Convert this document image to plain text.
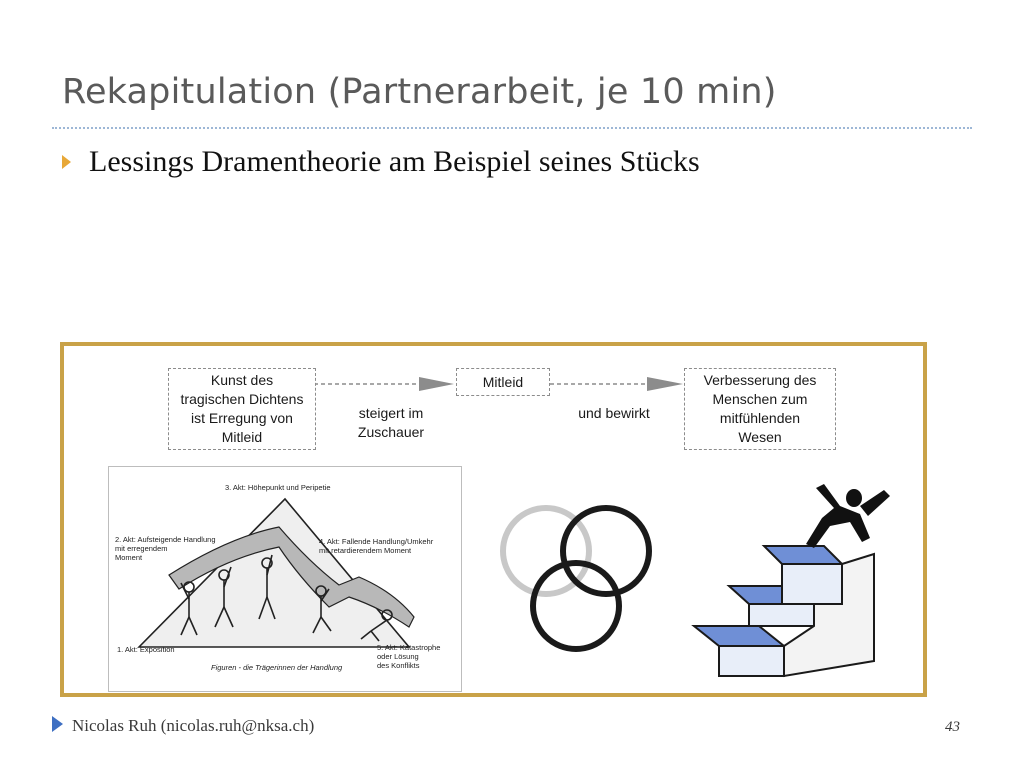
Rekapitulation (Partnerarbeit, je 10 min)
Lessings Dramentheorie am Beispiel seines Stücks
Kunst des
tragischen Dichtens
ist Erregung von
Mitleid
steigert im
Zuschauer
Mitleid
und bewirkt
Verbesserung des
Menschen zum
mitfühlenden
Wesen
3. Akt: Höhepunkt und Peripetie
2. Akt: Aufsteigende Handlung
mit erregendem
Moment
4. Akt: Fallende Handlung/Umkehr
mit retardierendem Moment
1. Akt: Exposition	5. Akt: Katastrophe
oder Lösung
des Konflikts
Figuren - die Trägerinnen der Handlung
Nicolas Ruh (nicolas.ruh@nksa.ch)	43
